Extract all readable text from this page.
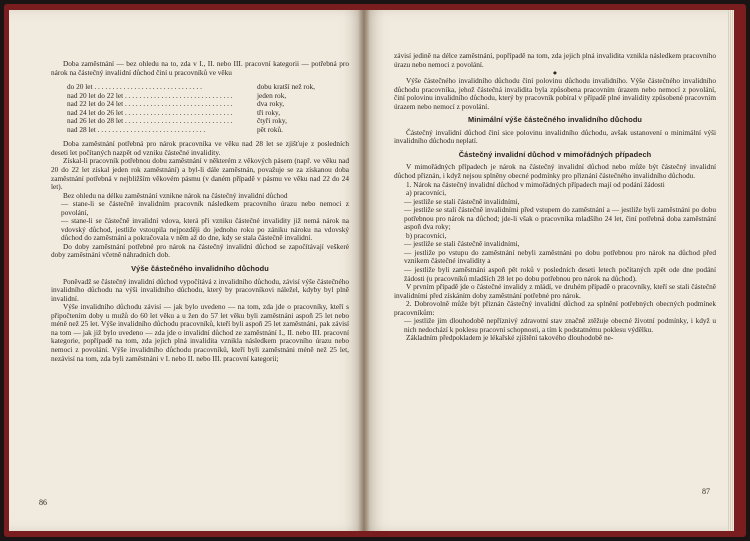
Doba zaměstnání — bez ohledu na to, zda v I., II. nebo III. pracovní kategorii — potřebná pro nárok na částečný invalidní důchod činí u pracovníků ve věku

do 20 let . . .	dobu kratší než rok,
nad 20 let do 22 let . . .	jeden rok,
nad 22 let do 24 let . . .	dva roky,
nad 24 let do 26 let . . .	tři roky,
nad 26 let do 28 let . . .	čtyři roky,
nad 28 let . . .	pět roků.

Doba zaměstnání potřebná pro nárok pracovníka ve věku nad 28 let se zjišťuje z posledních deseti let počítaných nazpět od vzniku částečné invalidity.

Získal-li pracovník potřebnou dobu zaměstnání v některém z věkových pásem (např. ve věku nad 20 do 22 let získal jeden rok zaměstnání) a byl-li dále zaměstnán, považuje se za získanou doba zaměstnání potřebná v nejbližším věkovém pásmu (v daném případě v pásmu ve věku nad 22 do 24 let).

Bez ohledu na délku zaměstnání vznikne nárok na částečný invalidní důchod

— stane-li se částečně invalidním pracovník následkem pracovního úrazu nebo nemoci z povolání,

— stane-li se částečně invalidní vdova, která při vzniku částečné invalidity již nemá nárok na vdovský důchod, jestliže vstoupila nejpozději do jednoho roku po zániku nároku na vdovský důchod do zaměstnání a pokračovala v něm až do dne, kdy se stala částečně invalidní.

Do doby zaměstnání potřebné pro nárok na částečný invalidní důchod se započítávají veškeré doby zaměstnání včetně náhradních dob.

Výše částečného invalidního důchodu

Poněvadž se částečný invalidní důchod vypočítává z invalidního důchodu, závisí výše částečného invalidního důchodu na výši invalidního důchodu, který by pracovníkovi náležel, kdyby byl plně invalidní.

Výše invalidního důchodu závisí — jak bylo uvedeno — na tom, zda jde o pracovníky, kteří s připočtením doby u mužů do 60 let věku a u žen do 57 let věku byli zaměstnáni aspoň 25 let nebo méně než 25 let. Výše invalidního důchodu pracovníků, kteří byli aspoň 25 let zaměstnáni, pak závisí na tom — jak již bylo uvedeno — zda jde o invalidní důchod ze zaměstnání I., II. nebo III. pracovní kategorie, popřípadě na tom, zda jejich plná invalidita vznikla následkem pracovního úrazu nebo nemoci z povolání. Výše invalidního důchodu pracovníků, kteří byli zaměstnáni méně než 25 let, nezávisí na tom, zda byli zaměstnáni v I. nebo II. nebo III. pracovní kategorii;

86

závisí jedině na délce zaměstnání, popřípadě na tom, zda jejich plná invalidita vznikla následkem pracovního úrazu nebo nemoci z povolání.

●

Výše částečného invalidního důchodu činí polovinu důchodu invalidního. Výše částečného invalidního důchodu pracovníka, jehož částečná invalidita byla způsobena pracovním úrazem nebo nemocí z povolání, činí polovinu invalidního důchodu, který by pracovník pobíral v případě plné invalidity způsobené pracovním úrazem nebo nemocí z povolání.

Minimální výše částečného invalidního důchodu

Částečný invalidní důchod činí sice polovinu invalidního důchodu, avšak ustanovení o minimální výši invalidního důchodu neplatí.

Částečný invalidní důchod v mimořádných případech

V mimořádných případech je nárok na částečný invalidní důchod nebo může být částečný invalidní důchod přiznán, i když nejsou splněny obecné podmínky pro přiznání částečného invalidního důchodu.

1. Nárok na částečný invalidní důchod v mimořádných případech mají od podání žádosti

a) pracovníci,

— jestliže se stali částečně invalidními,

— jestliže se stali částečně invalidními před vstupem do zaměstnání a — jestliže byli zaměstnáni po dobu potřebnou pro nárok na důchod; jde-li však o pracovníka mladšího 24 let, činí potřebná doba zaměstnání aspoň dva roky;

b) pracovníci,

— jestliže se stali částečně invalidními,

— jestliže po vstupu do zaměstnání nebyli zaměstnáni po dobu potřebnou pro nárok na důchod před vznikem částečné invalidity a

— jestliže byli zaměstnáni aspoň pět roků v posledních deseti letech počítaných zpět ode dne podání žádosti (u pracovníků mladších 28 let po dobu potřebnou pro nárok na důchod).

V prvním případě jde o částečné invalidy z mládí, ve druhém případě o pracovníky, kteří se stali částečně invalidními před získáním doby zaměstnání potřebné pro nárok.

2. Dobrovolně může být přiznán částečný invalidní důchod za splnění potřebných obecných podmínek pracovníkům:

— jestliže jim dlouhodobě nepříznivý zdravotní stav značně ztěžuje obecné životní podmínky, i když u nich nedochází k poklesu pracovní schopnosti, a tím k podstatnému poklesu výdělku.

Základním předpokladem je lékařské zjištění takového dlouhodobě ne-

87
